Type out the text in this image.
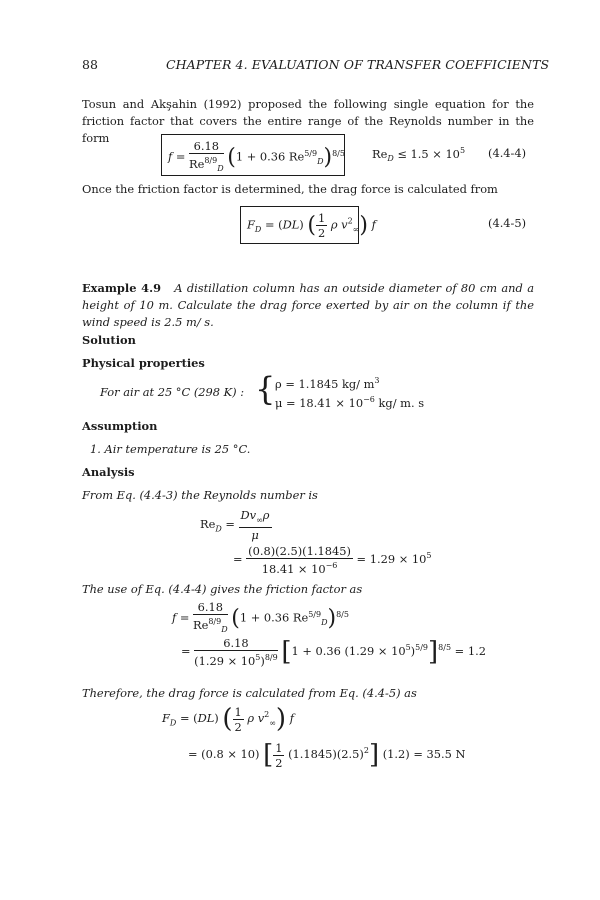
88	CHAPTER 4. EVALUATION OF TRANSFER COEFFICIENTS
Tosun and Akşahin (1992) proposed the following single equation for the friction factor that covers the entire range of the Reynolds number in the form
$f = \frac{6.18}{Re^{8/9}_D} (1 + 0.36$ $Re^{5/9}_D)^{8/5}$ $Re_D \le 1.5 \times 10^5$ (4.4-4)
Once the friction factor is determined, the drag force is calculated from
$F_D = (DL)$ ( $\frac{1}{2}$ ρ $v^2_\infty$) f	(4.4-5)
Example 4.9 A distillation column has an outside diameter of 80 cm and a height of 10 m. Calculate the drag force exerted by air on the column if the wind speed is 2.5 m/ s.
Solution
Physical properties
For air at 25 °C (298 K) : { ρ = 1.1845 kg/ $m^3$
$\mu = 18.41 \times 10^{-6}$ kg/ m. s
Assumption
1. Air temperature is 25 °C.
Analysis
From Eq. (4.4-3) the Reynolds number is
$Re_D = \frac{Dv_\infty\rho}{\mu}$
= $\frac{(0.8)(2.5)(1.1845)}{18.41 \times 10^{-6}} = 1.29 \times 10^5$
The use of Eq. (4.4-4) gives the friction factor as
$f = \frac{6.18}{Re^{8/9}_D} (1 + 0.36$ $Re^{5/9}_D)^{8/5}$
= $\frac{6.18}{(1.29 \times 10^5)^{8/9}} [1 + 0.36$ $(1.29 \times 10^5)^{5/9}]^{8/5} = 1.2$
Therefore, the drag force is calculated from Eq. (4.4-5) as
$F_D = (DL)$ ( $\frac{1}{2}$ ρ $v^2_\infty$) f
= (0.8 × 10) [ $\frac{1}{2} (1.1845)(2.5)^2$] (1.2) = 35.5 N
